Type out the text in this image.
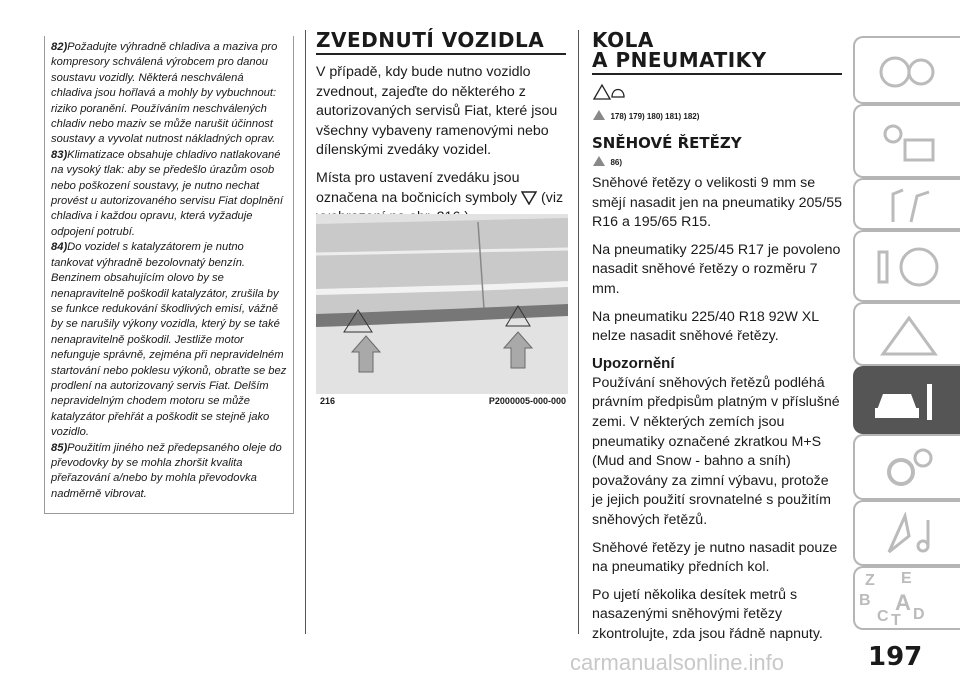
82)Požadujte výhradně chladiva a maziva pro kompresory schválená výrobcem pro danou soustavu vozidly. Některá neschválená chladiva jsou hořlavá a mohly by vybuchnout: riziko poranění. Používáním neschválených chladiv nebo maziv se může narušit účinnost soustavy a vyvolat nutnost nákladných oprav.

83)Klimatizace obsahuje chladivo natlakované na vysoký tlak: aby se předešlo úrazům osob nebo poškození soustavy, je nutno nechat provést u autorizovaného servisu Fiat doplnění chladiva i každou opravu, která vyžaduje odpojení potrubí.

84)Do vozidel s katalyzátorem je nutno tankovat výhradně bezolovnatý benzín. Benzinem obsahujícím olovo by se nenapravitelně poškodil katalyzátor, zrušila by se funkce redukování škodlivých emisí, vážně by se narušily výkony vozidla, který by se také nenapravitelně poškodil. Jestliže motor nefunguje správně, zejména při nepravidelném startování nebo poklesu výkonů, obraťte se bez prodlení na autorizovaný servis Fiat. Delším nepravidelným chodem motoru se může katalyzátor přehřát a poškodit se stejně jako vozidlo.

85)Použitím jiného než předepsaného oleje do převodovky by se mohla zhoršit kvalita přeřazování a/nebo by mohla převodovka nadměrně vibrovat.

ZVEDNUTÍ VOZIDLA

V případě, kdy bude nutno vozidlo zvednout, zajeďte do některého z autorizovaných servisů Fiat, které jsou všechny vybaveny ramenovými nebo dílenskými zvedáky vozidel.

Místa pro ustavení zvedáku jsou označena na bočnicích symboly (viz

216	P2000005-000-000
KOLA
A PNEUMATIKY
178) 179) 180) 181) 182)
SNĚHOVÉ ŘETĚZY
86)

Sněhové řetězy o velikosti 9 mm se smějí nasadit jen na pneumatiky 205/55 R16 a 195/65 R15.

Na pneumatiky 225/45 R17 je povoleno nasadit sněhové řetězy o rozměru 7 mm.

Na pneumatiku 225/40 R18 92W XL nelze nasadit sněhové řetězy.

Upozornění

Používání sněhových řetězů podléhá právním předpisům platným v příslušné zemi. V některých zemích jsou pneumatiky označené zkratkou M+S (Mud and Snow - bahno a sníh) považovány za zimní výbavu, protože je jejich použití srovnatelné s použitím sněhových řetězů.

Sněhové řetězy je nutno nasadit pouze na pneumatiky předních kol.

Po ujetí několika desítek metrů s nasazenými sněhovými řetězy zkontrolujte, zda jsou řádně napnuty.

Z E
B A
C T D
197
carmanualsonline.info
